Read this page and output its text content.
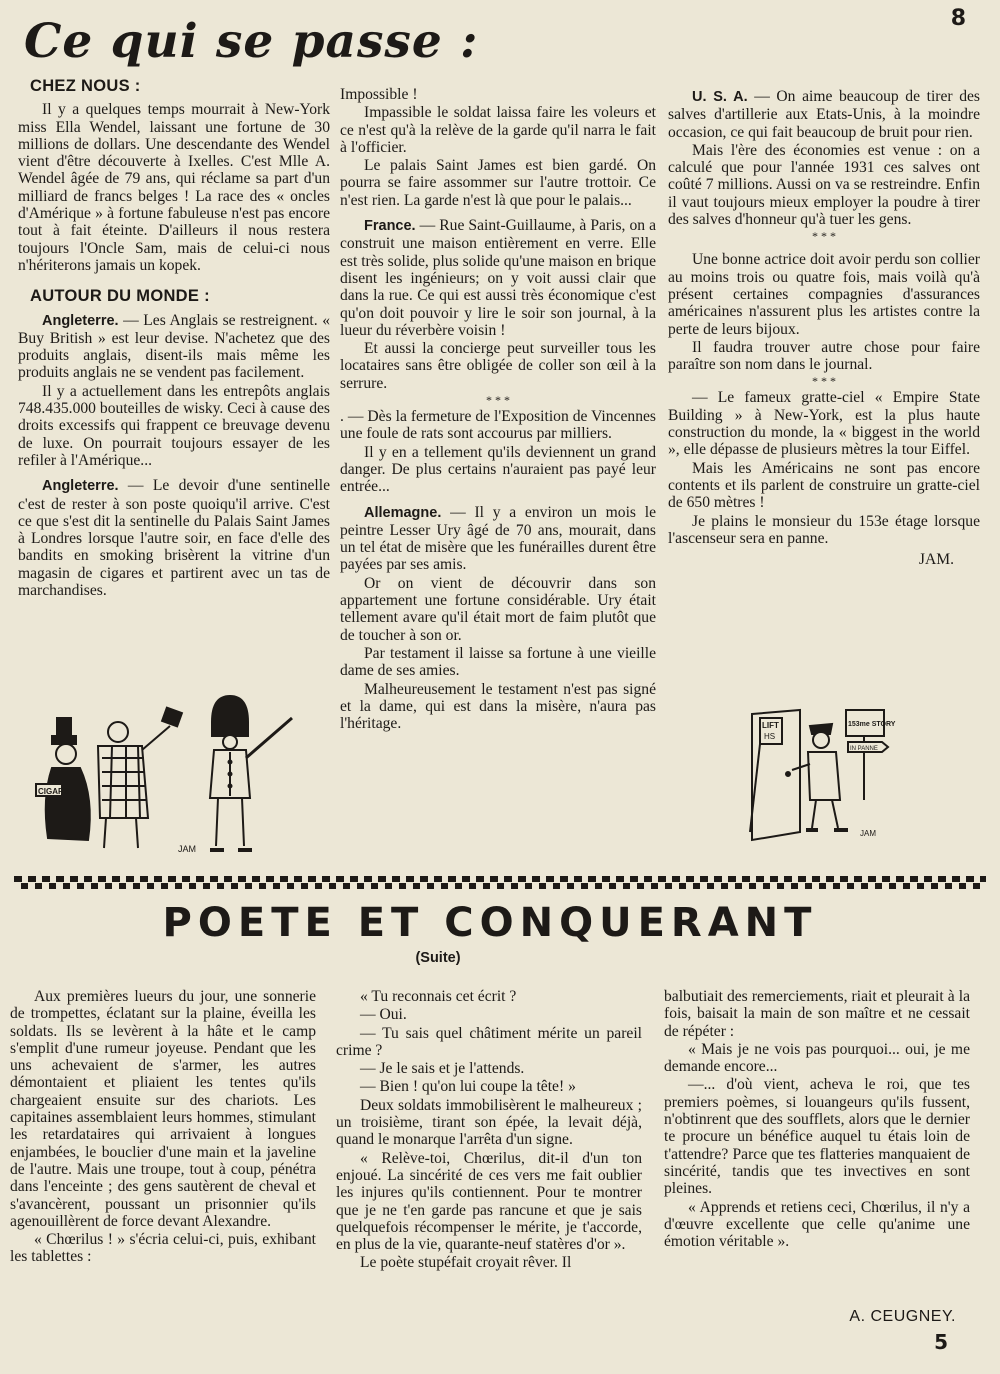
8
Ce qui se passe :
CHEZ NOUS :

Il y a quelques temps mourrait à New-York miss Ella Wendel, laissant une fortune de 30 millions de dollars. Une descendante des Wendel vient d'être découverte à Ixelles. C'est Mlle A. Wendel âgée de 79 ans, qui réclame sa part d'un milliard de francs belges ! La race des « oncles d'Amérique » à fortune fabuleuse n'est pas encore tout à fait éteinte. D'ailleurs il nous restera toujours l'Oncle Sam, mais de celui-ci nous n'hériterons jamais un kopek.

AUTOUR DU MONDE :

Angleterre. — Les Anglais se restreignent. « Buy British » est leur devise. N'achetez que des produits anglais, disent-ils mais même les produits anglais ne se vendent pas facilement.

Il y a actuellement dans les entrepôts anglais 748.435.000 bouteilles de wisky. Ceci à cause des droits excessifs qui frappent ce breuvage devenu de luxe. On pourrait toujours essayer de les refiler à l'Amérique...

Angleterre. — Le devoir d'une sentinelle c'est de rester à son poste quoiqu'il arrive. C'est ce que s'est dit la sentinelle du Palais Saint James à Londres lorsque l'autre soir, en face d'elle des bandits en smoking brisèrent la vitrine d'un magasin de cigares et partirent avec un tas de marchandises.

CIGARS
JAM

Impossible !

Impassible le soldat laissa faire les voleurs et ce n'est qu'à la relève de la garde qu'il narra le fait à l'officier.

Le palais Saint James est bien gardé. On pourra se faire assommer sur l'autre trottoir. Ce n'est rien. La garde n'est là que pour le palais...

France. — Rue Saint-Guillaume, à Paris, on a construit une maison entièrement en verre. Elle est très solide, plus solide qu'une maison en brique disent les ingénieurs; on y voit aussi clair que dans la rue. Ce qui est aussi très économique c'est qu'on doit pouvoir y lire le soir son journal, à la lueur du réverbère voisin !

Et aussi la concierge peut surveiller tous les locataires sans être obligée de coller son œil à la serrure.

* * *

. — Dès la fermeture de l'Exposition de Vincennes une foule de rats sont accourus par milliers.

Il y en a tellement qu'ils deviennent un grand danger. De plus certains n'auraient pas payé leur entrée...

Allemagne. — Il y a environ un mois le peintre Lesser Ury âgé de 70 ans, mourait, dans un tel état de misère que les funérailles durent être payées par ses amis.

Or on vient de découvrir dans son appartement une fortune considérable. Ury était tellement avare qu'il était mort de faim plutôt que de toucher à son or.

Par testament il laisse sa fortune à une vieille dame de ses amies.

Malheureusement le testament n'est pas signé et la dame, qui est dans la misère, n'aura pas l'héritage.

U. S. A. — On aime beaucoup de tirer des salves d'artillerie aux Etats-Unis, à la moindre occasion, ce qui fait beaucoup de bruit pour rien.

Mais l'ère des économies est venue : on a calculé que pour l'année 1931 ces salves ont coûté 7 millions. Aussi on va se restreindre. Enfin il vaut toujours mieux employer la poudre à tirer des salves d'honneur qu'à tuer les gens.

* * *

Une bonne actrice doit avoir perdu son collier au moins trois ou quatre fois, mais voilà qu'à présent certaines compagnies d'assurances américaines n'assurent plus les artistes contre la perte de leurs bijoux.

Il faudra trouver autre chose pour faire paraître son nom dans le journal.

* * *

— Le fameux gratte-ciel « Empire State Building » à New-York, est la plus haute construction du monde, la « biggest in the world », elle dépasse de plusieurs mètres la tour Eiffel.

Mais les Américains ne sont pas encore contents et ils parlent de construire un gratte-ciel de 650 mètres !

Je plains le monsieur du 153e étage lorsque l'ascenseur sera en panne.

JAM.

LIFT
HS
153me STORY
IN PANNE
JAM
POETE ET CONQUERANT
(Suite)

Aux premières lueurs du jour, une sonnerie de trompettes, éclatant sur la plaine, éveilla les soldats. Ils se levèrent à la hâte et le camp s'emplit d'une rumeur joyeuse. Pendant que les uns achevaient de s'armer, les autres démontaient et pliaient les tentes qu'ils chargeaient ensuite sur des chariots. Les capitaines assemblaient leurs hommes, stimulant les retardataires qui arrivaient à longues enjambées, le bouclier d'une main et la javeline de l'autre. Mais une troupe, tout à coup, pénétra dans l'enceinte ; des gens sautèrent de cheval et s'avancèrent, poussant un prisonnier qu'ils agenouillèrent de force devant Alexandre.

« Chœrilus ! » s'écria celui-ci, puis, exhibant les tablettes :

« Tu reconnais cet écrit ?

— Oui.

— Tu sais quel châtiment mérite un pareil crime ?

— Je le sais et je l'attends.

— Bien ! qu'on lui coupe la tête! »

Deux soldats immobilisèrent le malheureux ; un troisième, tirant son épée, la levait déjà, quand le monarque l'arrêta d'un signe.

« Relève-toi, Chœrilus, dit-il d'un ton enjoué. La sincérité de ces vers me fait oublier les injures qu'ils contiennent. Pour te montrer que je ne t'en garde pas rancune et que je sais quelquefois récompenser le mérite, je t'accorde, en plus de la vie, quarante-neuf statères d'or ».

Le poète stupéfait croyait rêver. Il

balbutiait des remerciements, riait et pleurait à la fois, baisait la main de son maître et ne cessait de répéter :

« Mais je ne vois pas pourquoi... oui, je me demande encore...

—... d'où vient, acheva le roi, que tes premiers poèmes, si louangeurs qu'ils fussent, n'obtinrent que des soufflets, alors que le dernier te procure un bénéfice auquel tu étais loin de t'attendre? Parce que tes flatteries manquaient de sincérité, tandis que tes invectives en sont pleines.

« Apprends et retiens ceci, Chœrilus, il n'y a d'œuvre excellente que celle qu'anime une émotion véritable ».

A. CEUGNEY.
5
